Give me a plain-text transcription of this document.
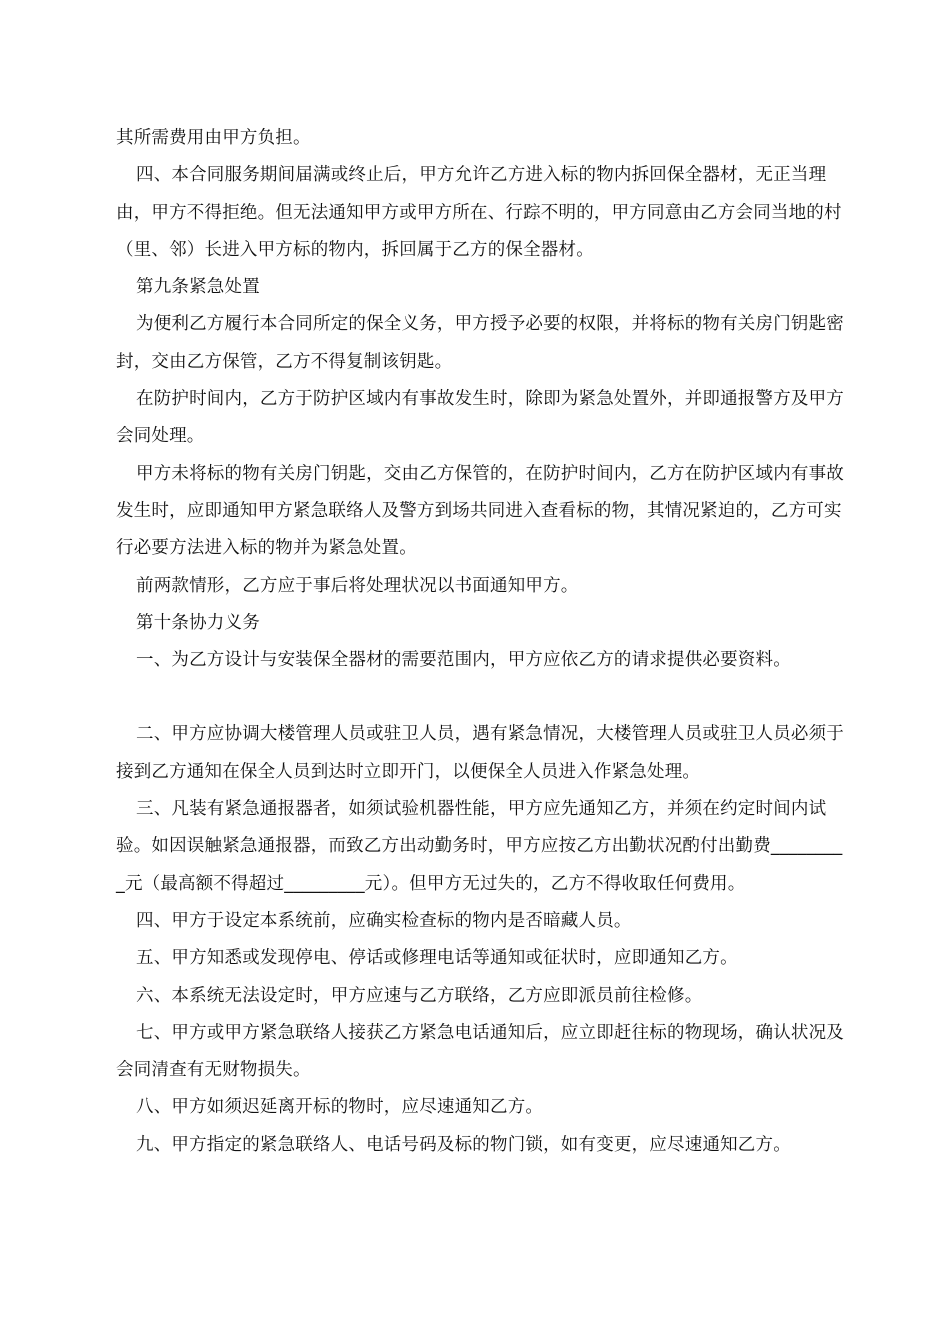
其所需费用由甲方负担。

四、本合同服务期间届满或终止后，甲方允许乙方进入标的物内拆回保全器材，无正当理由，甲方不得拒绝。但无法通知甲方或甲方所在、行踪不明的，甲方同意由乙方会同当地的村（里、邻）长进入甲方标的物内，拆回属于乙方的保全器材。

第九条紧急处置

为便利乙方履行本合同所定的保全义务，甲方授予必要的权限，并将标的物有关房门钥匙密封，交由乙方保管，乙方不得复制该钥匙。

在防护时间内，乙方于防护区域内有事故发生时，除即为紧急处置外，并即通报警方及甲方会同处理。

甲方未将标的物有关房门钥匙，交由乙方保管的，在防护时间内，乙方在防护区域内有事故发生时，应即通知甲方紧急联络人及警方到场共同进入查看标的物，其情况紧迫的，乙方可实行必要方法进入标的物并为紧急处置。

前两款情形，乙方应于事后将处理状况以书面通知甲方。

第十条协力义务

一、为乙方设计与安装保全器材的需要范围内，甲方应依乙方的请求提供必要资料。

二、甲方应协调大楼管理人员或驻卫人员，遇有紧急情况，大楼管理人员或驻卫人员必须于接到乙方通知在保全人员到达时立即开门，以便保全人员进入作紧急处理。

三、凡装有紧急通报器者，如须试验机器性能，甲方应先通知乙方，并须在约定时间内试验。如因误触紧急通报器，而致乙方出动勤务时，甲方应按乙方出勤状况酌付出勤费_________元（最高额不得超过_________元）。但甲方无过失的，乙方不得收取任何费用。

四、甲方于设定本系统前，应确实检查标的物内是否暗藏人员。

五、甲方知悉或发现停电、停话或修理电话等通知或征状时，应即通知乙方。

六、本系统无法设定时，甲方应速与乙方联络，乙方应即派员前往检修。

七、甲方或甲方紧急联络人接获乙方紧急电话通知后，应立即赶往标的物现场，确认状况及会同清查有无财物损失。

八、甲方如须迟延离开标的物时，应尽速通知乙方。

九、甲方指定的紧急联络人、电话号码及标的物门锁，如有变更，应尽速通知乙方。
